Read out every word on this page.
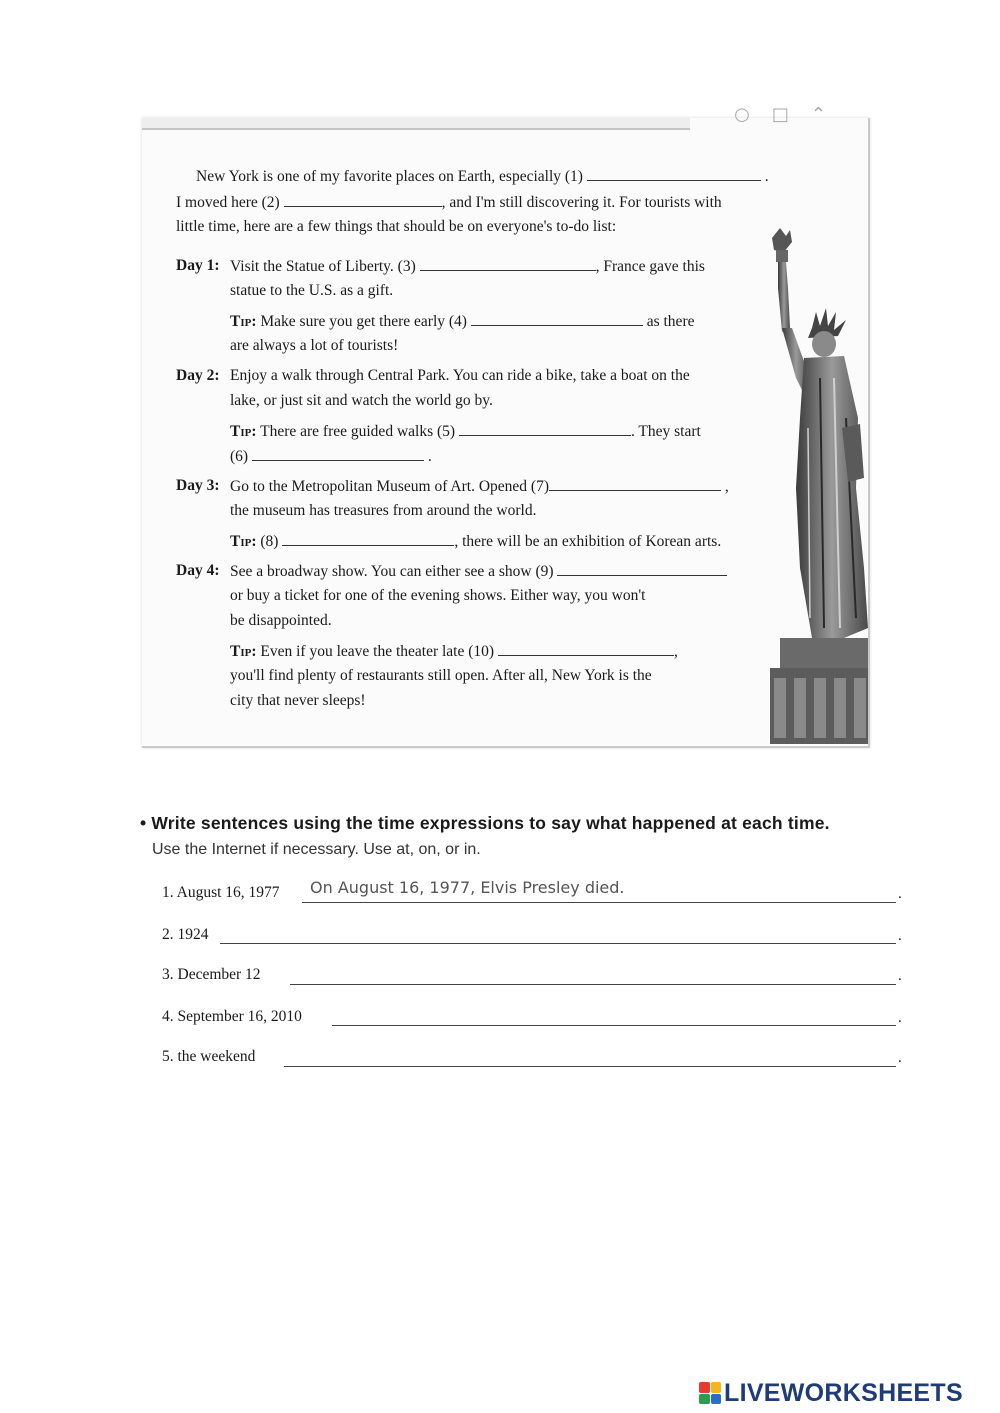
○□⌃
New York is one of my favorite places on Earth, especially (1)	.
I moved here (2)	, and I'm still discovering it. For tourists with
little time, here are a few things that should be on everyone's to-do list:
Day 1: Visit the Statue of Liberty. (3)	, France gave this
statue to the U.S. as a gift.
Tip: Make sure you get there early (4)	as there
are always a lot of tourists!
Day 2: Enjoy a walk through Central Park. You can ride a bike, take a boat on the
lake, or just sit and watch the world go by.
Tip: There are free guided walks (5)	. They start
(6)	.
Day 3: Go to the Metropolitan Museum of Art. Opened (7)	,
the museum has treasures from around the world.
Tip: (8)	, there will be an exhibition of Korean arts.
Day 4: See a broadway show. You can either see a show (9)
or buy a ticket for one of the evening shows. Either way, you won't
be disappointed.
Tip: Even if you leave the theater late (10)	,
you'll find plenty of restaurants still open. After all, New York is the
city that never sleeps!
• Write sentences using the time expressions to say what happened at each time.
Use the Internet if necessary. Use at, on, or in.
1. August 16, 1977 On August 16, 1977, Elvis Presley died.	.
2. 1924	.
3. December 12	.
4. September 16, 2010	.
5. the weekend	.
LIVEWORKSHEETS
